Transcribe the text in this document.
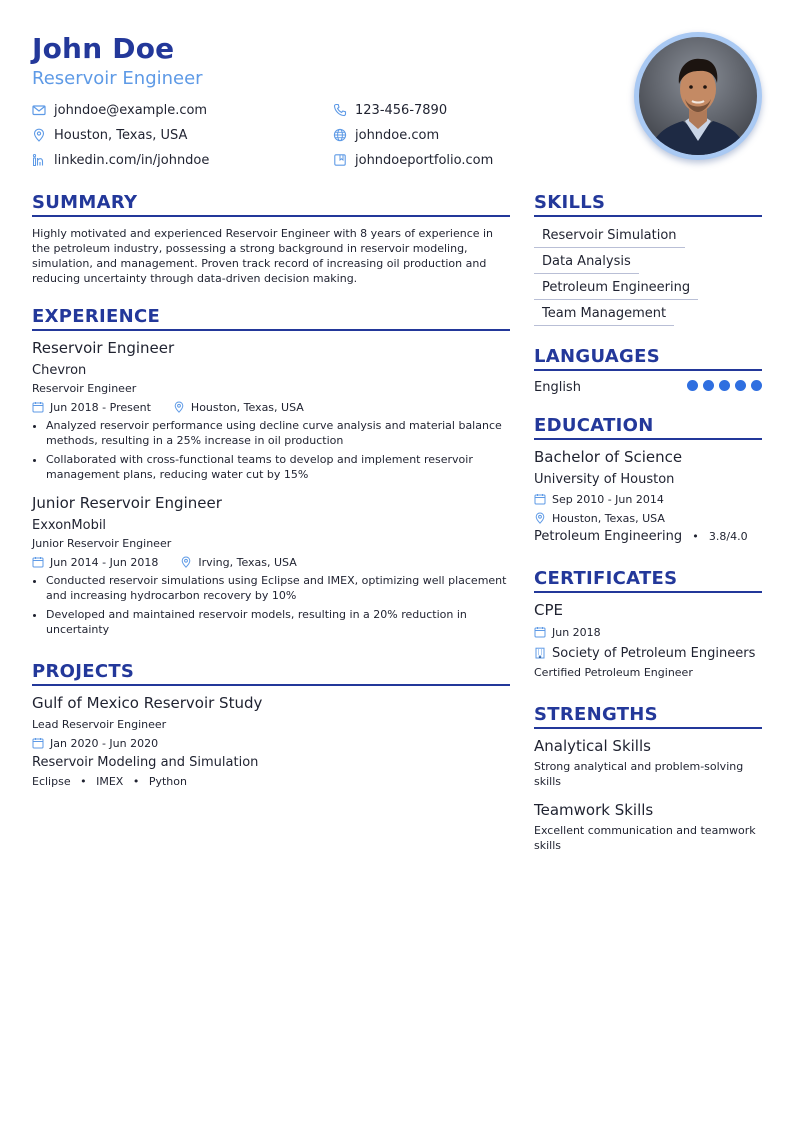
John Doe
Reservoir Engineer
johndoe@example.com	123-456-7890
Houston, Texas, USA	johndoe.com
linkedin.com/in/johndoe	johndoeportfolio.com
SUMMARY
Highly motivated and experienced Reservoir Engineer with 8 years of experience in the petroleum industry, possessing a strong background in reservoir modeling, simulation, and management. Proven track record of increasing oil production and reducing uncertainty through data-driven decision making.
EXPERIENCE
Reservoir Engineer
Chevron
Reservoir Engineer
Jun 2018 - Present	Houston, Texas, USA
• Analyzed reservoir performance using decline curve analysis and material balance methods, resulting in a 25% increase in oil production
• Collaborated with cross-functional teams to develop and implement reservoir management plans, reducing water cut by 15%
Junior Reservoir Engineer
ExxonMobil
Junior Reservoir Engineer
Jun 2014 - Jun 2018	Irving, Texas, USA
• Conducted reservoir simulations using Eclipse and IMEX, optimizing well placement and increasing hydrocarbon recovery by 10%
• Developed and maintained reservoir models, resulting in a 20% reduction in uncertainty
PROJECTS
Gulf of Mexico Reservoir Study
Lead Reservoir Engineer
Jan 2020 - Jun 2020
Reservoir Modeling and Simulation
Eclipse • IMEX • Python
SKILLS
Reservoir Simulation
Data Analysis
Petroleum Engineering
Team Management
LANGUAGES
English
EDUCATION
Bachelor of Science
University of Houston
Sep 2010 - Jun 2014
Houston, Texas, USA
Petroleum Engineering • 3.8/4.0
CERTIFICATES
CPE
Jun 2018
Society of Petroleum Engineers
Certified Petroleum Engineer
STRENGTHS
Analytical Skills
Strong analytical and problem-solving skills
Teamwork Skills
Excellent communication and teamwork skills
